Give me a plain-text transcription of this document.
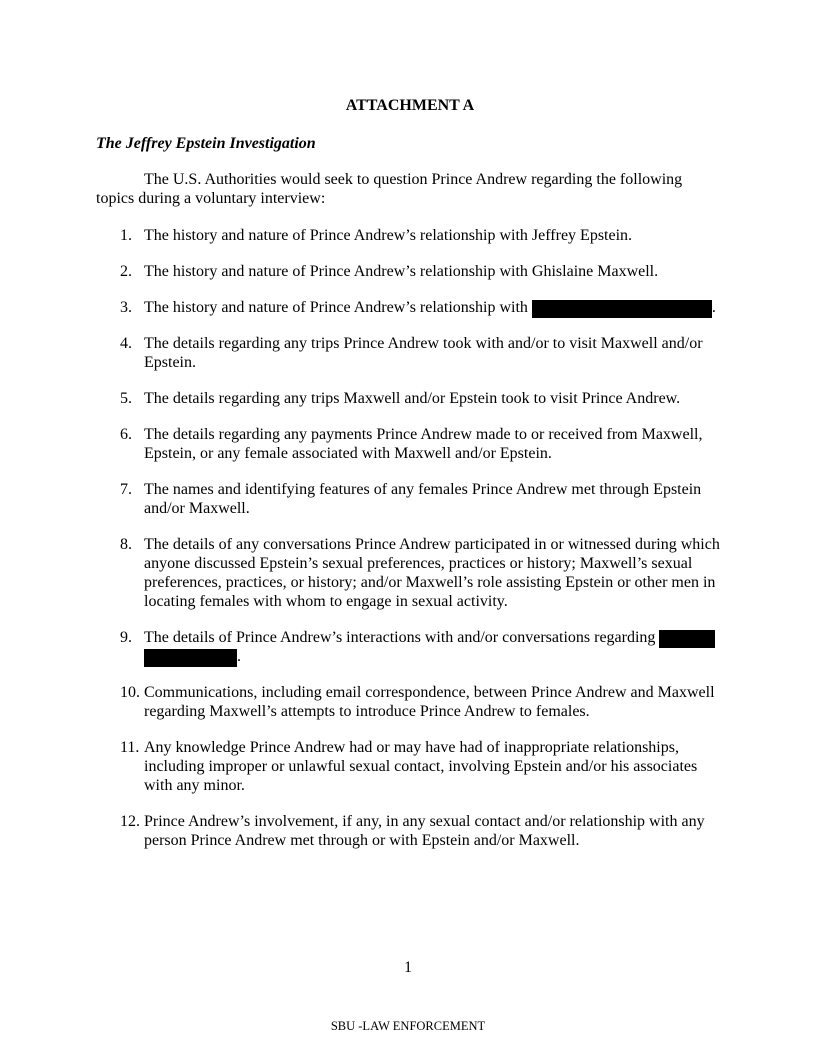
ATTACHMENT A
The Jeffrey Epstein Investigation

The U.S. Authorities would seek to question Prince Andrew regarding the following topics during a voluntary interview:

1. The history and nature of Prince Andrew’s relationship with Jeffrey Epstein.
2. The history and nature of Prince Andrew’s relationship with Ghislaine Maxwell.
3. The history and nature of Prince Andrew’s relationship with	.
4. The details regarding any trips Prince Andrew took with and/or to visit Maxwell and/or Epstein.
5. The details regarding any trips Maxwell and/or Epstein took to visit Prince Andrew.
6. The details regarding any payments Prince Andrew made to or received from Maxwell, Epstein, or any female associated with Maxwell and/or Epstein.
7. The names and identifying features of any females Prince Andrew met through Epstein and/or Maxwell.
8. The details of any conversations Prince Andrew participated in or witnessed during which anyone discussed Epstein’s sexual preferences, practices or history; Maxwell’s sexual preferences, practices, or history; and/or Maxwell’s role assisting Epstein or other men in locating females with whom to engage in sexual activity.
9. The details of Prince Andrew’s interactions with and/or conversations regarding
.
10. Communications, including email correspondence, between Prince Andrew and Maxwell regarding Maxwell’s attempts to introduce Prince Andrew to females.
11. Any knowledge Prince Andrew had or may have had of inappropriate relationships, including improper or unlawful sexual contact, involving Epstein and/or his associates with any minor.
12. Prince Andrew’s involvement, if any, in any sexual contact and/or relationship with any person Prince Andrew met through or with Epstein and/or Maxwell.
1
SBU -LAW ENFORCEMENT
